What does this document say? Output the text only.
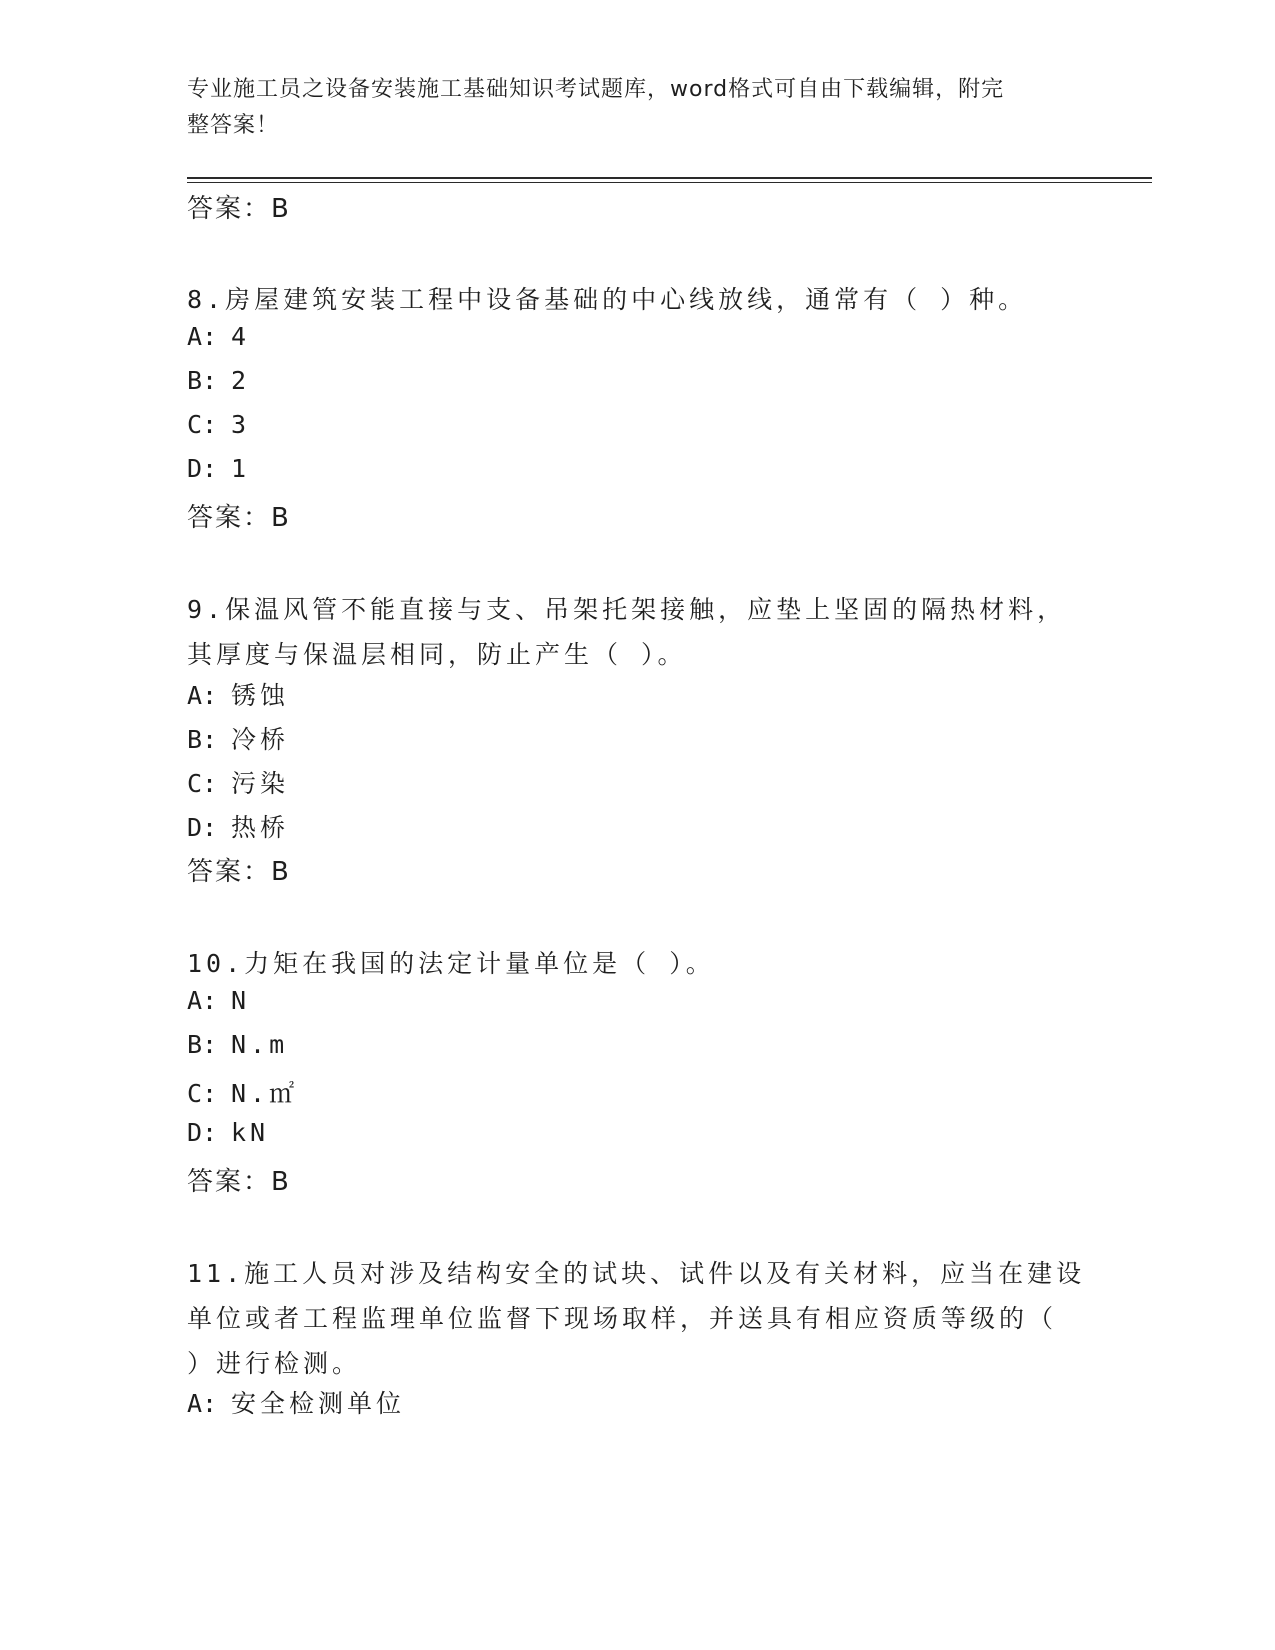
专业施工员之设备安装施工基础知识考试题库，word格式可自由下载编辑，附完
整答案！
答案：B
8.房屋建筑安装工程中设备基础的中心线放线，通常有（ ）种。
A: 4
B: 2
C: 3
D: 1
答案：B
9.保温风管不能直接与支、吊架托架接触，应垫上坚固的隔热材料，
其厚度与保温层相同，防止产生（ ）。
A: 锈蚀
B: 冷桥
C: 污染
D: 热桥
答案：B
10.力矩在我国的法定计量单位是（ ）。
A: N
B: N.m
C: N.㎡
D: kN
答案：B
11.施工人员对涉及结构安全的试块、试件以及有关材料，应当在建设
单位或者工程监理单位监督下现场取样，并送具有相应资质等级的（
）进行检测。
A: 安全检测单位
